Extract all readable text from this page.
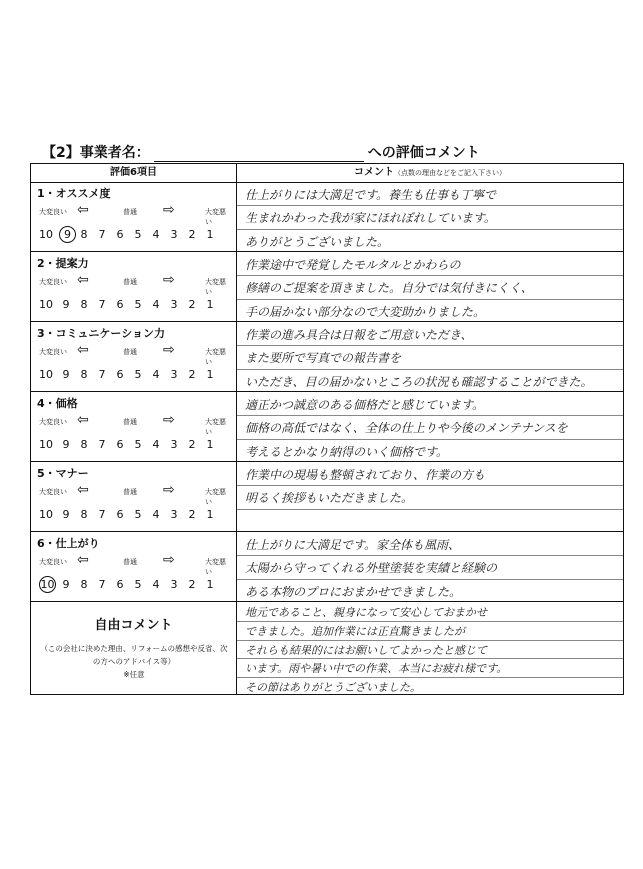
【2】事業者名：	への評価コメント
評価6項目	コメント（点数の理由などをご記入下さい）
1・オススメ度
大変良い ⇦	普通 ⇨	大変悪い
10	9 8	7	6	5	4	3	2	1
仕上がりには大満足です。養生も仕事も丁寧で
生まれかわった我が家にほれぼれしています。
ありがとうございました。
2・提案力
大変良い ⇦	普通 ⇨	大変悪い
10 9	8	7	6	5	4	3	2	1
作業途中で発覚したモルタルとかわらの
修繕のご提案を頂きました。自分では気付きにくく、
手の届かない部分なので大変助かりました。
3・コミュニケーション力
大変良い ⇦	普通 ⇨	大変悪い
10 9	8	7	6	5	4	3	2	1
作業の進み具合は日報をご用意いただき、
また要所で写真での報告書を
いただき、目の届かないところの状況も確認することができた。
4・価格
大変良い ⇦	普通 ⇨	大変悪い
10 9	8	7	6	5	4	3	2	1
適正かつ誠意のある価格だと感じています。
価格の高低ではなく、全体の仕上りや今後のメンテナンスを
考えるとかなり納得のいく価格です。
5・マナー
大変良い ⇦	普通 ⇨	大変悪い
10 9	8	7	6	5	4	3	2	1
作業中の現場も整頓されており、作業の方も
明るく挨拶もいただきました。
6・仕上がり
大変良い ⇦	普通 ⇨	大変悪い
10 9	8	7	6	5	4	3	2	1
仕上がりに大満足です。家全体も風雨、
太陽から守ってくれる外壁塗装を実績と経験の
ある本物のプロにおまかせできました。
自由コメント
（この会社に決めた理由、リフォームの感想や反省、次の方へのアドバイス等）
※任意
地元であること、親身になって安心しておまかせ
できました。追加作業には正直驚きましたが
それらも結果的にはお願いしてよかったと感じて
います。雨や暑い中での作業、本当にお疲れ様です。
その節はありがとうございました。
